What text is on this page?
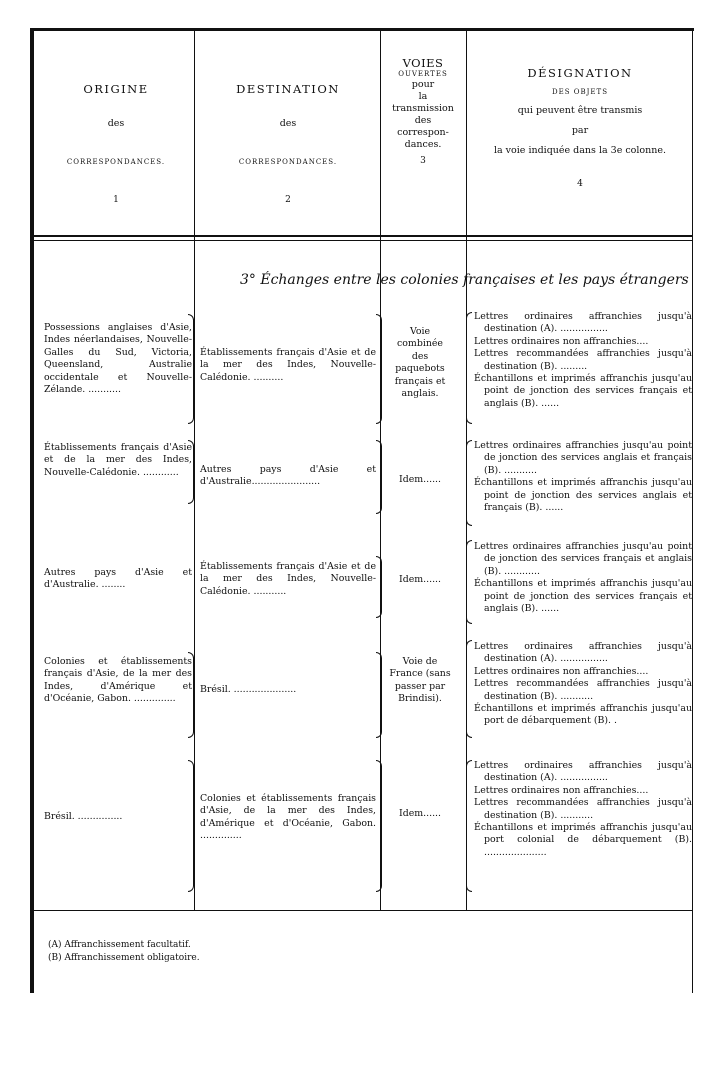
ORIGINE
des
CORRESPONDANCES.
1
DESTINATION
des
CORRESPONDANCES.
2
VOIES
OUVERTES
pour
la
transmission
des
correspon-
dances.
3
DÉSIGNATION
DES OBJETS
qui peuvent être transmis
par
la voie indiquée dans la 3e colonne.
4
3° Échanges entre les colonies françaises et les pays étrangers
Possessions anglaises d'Asie, Indes néerlandaises, Nouvelle-Galles du Sud, Victoria, Queensland, Australie occidentale et Nouvelle-Zélande. ...........
Établissements français d'Asie et de la mer des Indes, Nouvelle-Calédonie. ..........
Voie combinée des paquebots français et anglais.

Lettres ordinaires affranchies jusqu'à destination (A). ................

Lettres ordinaires non affranchies....

Lettres recommandées affranchies jusqu'à destination (B). .........

Échantillons et imprimés affranchis jusqu'au point de jonction des services français et anglais (B). ......

Établissements français d'Asie et de la mer des Indes, Nouvelle-Calédonie. ............	Autres pays d'Asie et d'Australie.......................	Idem......

Lettres ordinaires affranchies jusqu'au point de jonction des services anglais et français (B). ...........

Échantillons et imprimés affranchis jusqu'au point de jonction des services anglais et français (B). ......

Autres pays d'Asie et d'Australie. ........
Établissements français d'Asie et de la mer des Indes, Nouvelle-Calédonie. ...........
Idem......

Lettres ordinaires affranchies jusqu'au point de jonction des services français et anglais (B). ............

Échantillons et imprimés affranchis jusqu'au point de jonction des services français et anglais (B). ......

Colonies et établissements français d'Asie, de la mer des Indes, d'Amérique et d'Océanie, Gabon. ..............
Brésil. .....................
Voie de France (sans passer par Brindisi).

Lettres ordinaires affranchies jusqu'à destination (A). ................

Lettres ordinaires non affranchies....

Lettres recommandées affranchies jusqu'à destination (B). ...........

Échantillons et imprimés affranchis jusqu'au port de débarquement (B). .

Brésil. ...............
Colonies et établissements français d'Asie, de la mer des Indes, d'Amérique et d'Océanie, Gabon. ..............
Idem......

Lettres ordinaires affranchies jusqu'à destination (A). ................

Lettres ordinaires non affranchies....

Lettres recommandées affranchies jusqu'à destination (B). ...........

Échantillons et imprimés affranchis jusqu'au port colonial de débarquement (B). .....................

(A) Affranchissement facultatif.
(B) Affranchissement obligatoire.
